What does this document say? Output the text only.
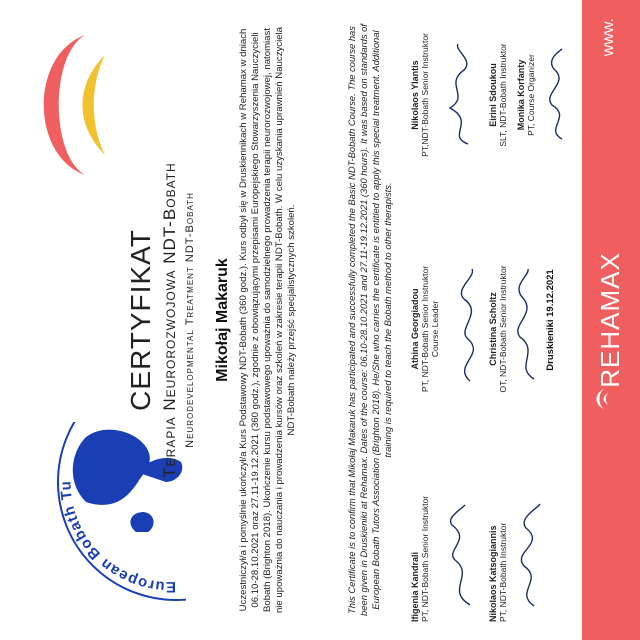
European Bobath Tu
CERTYFIKAT Terapia Neurorozwojowa NDT-Bobath Neurodevelopmental Treatment NDT-Bobath Mikołaj Makaruk Uczestniczył/a i pomyślnie ukończył/a Kurs Podstawowy NDT-Bobath (360 godz.). Kurs odbył się w Druskiennikach w Rehamax w dniach 06.10-28.10.2021 oraz 27.11-19.12.2021 (360 godz.), zgodnie z obowiązującymi przepisami Europejskiego Stowarzyszenia Nauczycieli Bobath (Brighton 2018). Ukończenie kursu podstawowego upoważnia do samodzielnego prowadzenia terapii neurorozwojowej, natomiast nie upoważnia do nauczania i prowadzenia kursów oraz szkoleń w zakresie terapii NDT-Bobath. W celu uzyskania uprawnień Nauczyciela NDT-Bobath należy przejść specjalistycznych szkoleń.	This Certificate is to confirm that Mikołaj Makaruk has participated and successfully completed the Basic NDT-Bobath Course. The course has been given in Druskieniki at Rehamax. Dates of the course: 06.10-28.10.2021 and 27.11-19.12.2021 (360 hours). It was based on standards of European Bobath Tutors Association (Brighton 2018). He/She who carries the certificate is entitled to apply this special treatment. Additional training is required to teach the Bobath method to other therapists.
Ifigenia Kandrali PT, NDT-Bobath Senior Instruktor
Athina Georgiadou PT, NDT-Bobath Senior Instruktor Course Leader
Nikolaos Ylantis PT,NDT-Bobath Senior Instruktor
Nikolaos Katsogiannis PT, NDT-Bobath Instruktor
Christina Scholtz OT, NDT-Bobath Senior Instruktor
Eirini Sdoukou SLT, NDT-Bobath Instruktor Monika Korfanty PT, Course Organizer
Druskieniki 19.12.2021 REHAMAX
www.
